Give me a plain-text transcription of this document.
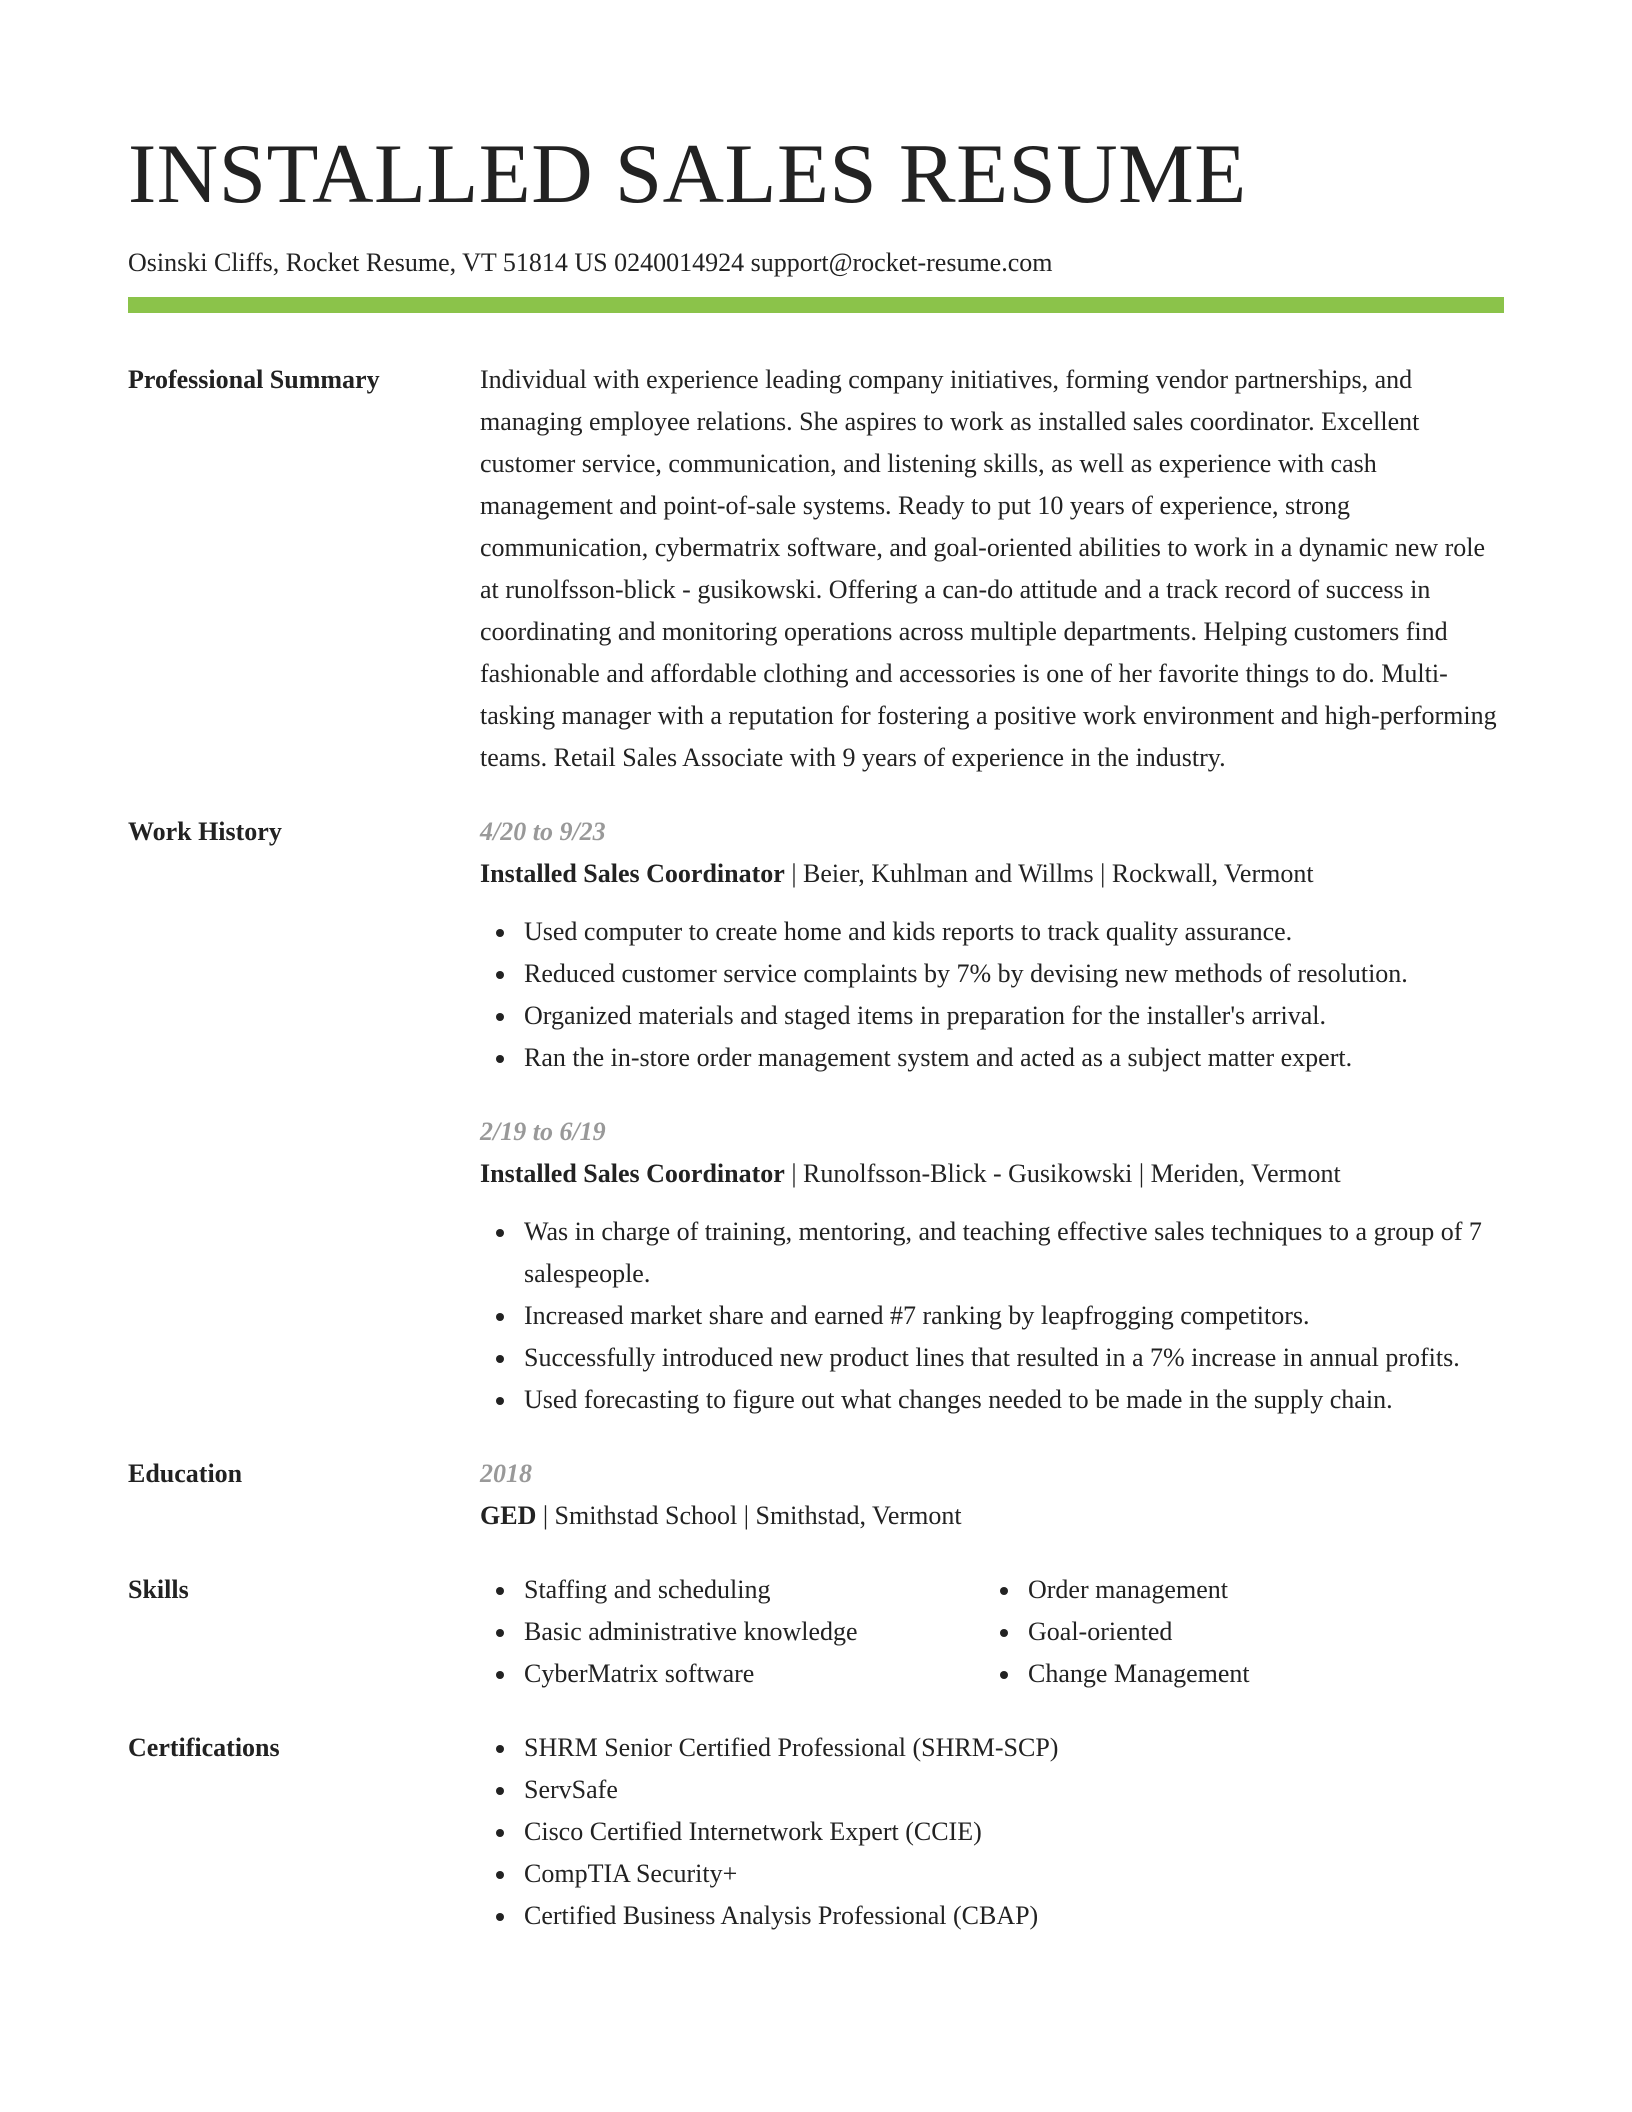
INSTALLED SALES RESUME
Osinski Cliffs, Rocket Resume, VT 51814 US 0240014924 support@rocket-resume.com
Professional Summary	Individual with experience leading company initiatives, forming vendor partnerships, and managing employee relations. She aspires to work as installed sales coordinator. Excellent customer service, communication, and listening skills, as well as experience with cash management and point-of-sale systems. Ready to put 10 years of experience, strong communication, cybermatrix software, and goal-oriented abilities to work in a dynamic new role at runolfsson-blick - gusikowski. Offering a can-do attitude and a track record of success in coordinating and monitoring operations across multiple departments. Helping customers find fashionable and affordable clothing and accessories is one of her favorite things to do. Multi-tasking manager with a reputation for fostering a positive work environment and high-performing teams. Retail Sales Associate with 9 years of experience in the industry.
Work History	4/20 to 9/23
Installed Sales Coordinator | Beier, Kuhlman and Willms | Rockwall, Vermont
Used computer to create home and kids reports to track quality assurance.
Reduced customer service complaints by 7% by devising new methods of resolution.
Organized materials and staged items in preparation for the installer's arrival.
Ran the in-store order management system and acted as a subject matter expert.
2/19 to 6/19
Installed Sales Coordinator | Runolfsson-Blick - Gusikowski | Meriden, Vermont
Was in charge of training, mentoring, and teaching effective sales techniques to a group of 7 salespeople.
Increased market share and earned #7 ranking by leapfrogging competitors.
Successfully introduced new product lines that resulted in a 7% increase in annual profits.
Used forecasting to figure out what changes needed to be made in the supply chain.
Education	2018
GED | Smithstad School | Smithstad, Vermont
Skills	Staffing and scheduling
Basic administrative knowledge
CyberMatrix software
Order management
Goal-oriented
Change Management
Certifications	SHRM Senior Certified Professional (SHRM-SCP)
ServSafe
Cisco Certified Internetwork Expert (CCIE)
CompTIA Security+
Certified Business Analysis Professional (CBAP)
